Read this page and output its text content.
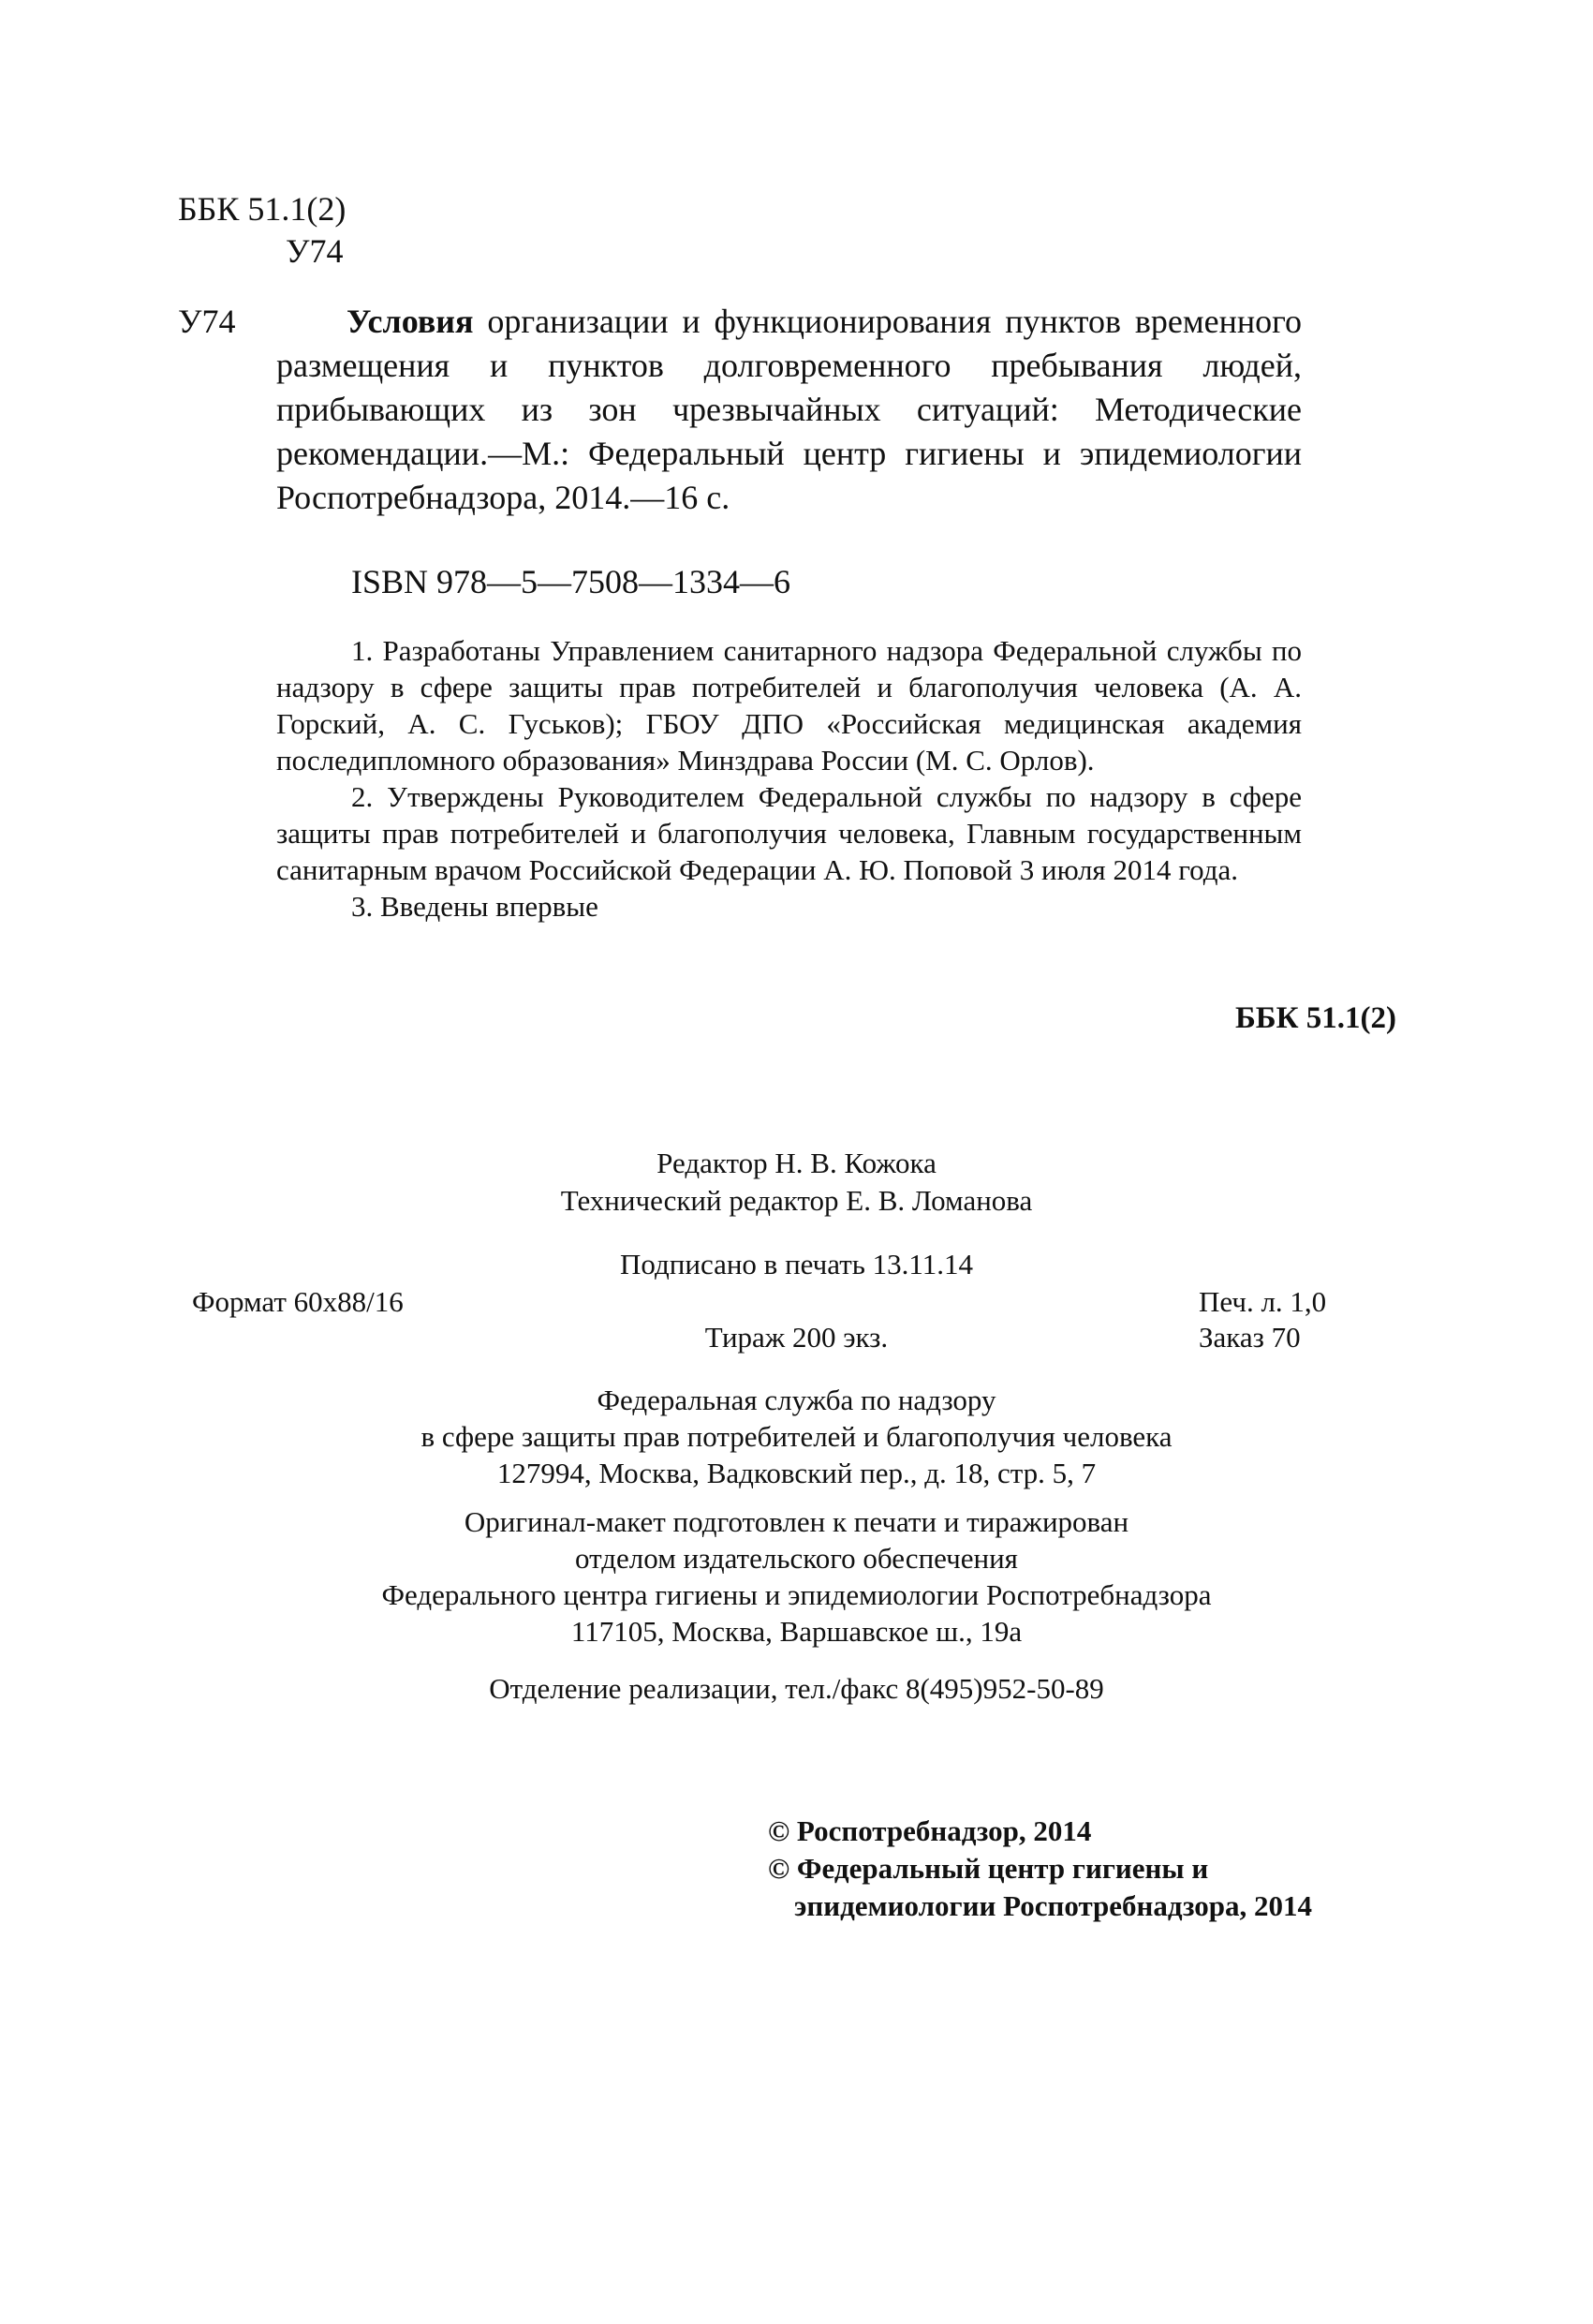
ББК 51.1(2)
У74
У74	Условия организации и функционирования пунктов временного размещения и пунктов долговременного пребывания людей, прибывающих из зон чрезвычайных ситуаций: Методические рекомендации.—М.: Федеральный центр гигиены и эпидемиологии Роспотребнадзора, 2014.—16 с.
ISBN 978—5—7508—1334—6

1. Разработаны Управлением санитарного надзора Федеральной службы по надзору в сфере защиты прав потребителей и благополучия человека (А. А. Горский, А. С. Гуськов); ГБОУ ДПО «Российская медицинская академия последипломного образования» Минздрава России (М. С. Орлов).

2. Утверждены Руководителем Федеральной службы по надзору в сфере защиты прав потребителей и благополучия человека, Главным государственным санитарным врачом Российской Федерации А. Ю. Поповой 3 июля 2014 года.

3. Введены впервые

ББК 51.1(2)
Редактор Н. В. Кожока
Технический редактор Е. В. Ломанова
Подписано в печать 13.11.14
Формат 60x88/16	Печ. л. 1,0
Тираж 200 экз.	Заказ 70
Федеральная служба по надзору
в сфере защиты прав потребителей и благополучия человека
127994, Москва, Вадковский пер., д. 18, стр. 5, 7
Оригинал-макет подготовлен к печати и тиражирован
отделом издательского обеспечения
Федерального центра гигиены и эпидемиологии Роспотребнадзора
117105, Москва, Варшавское ш., 19а
Отделение реализации, тел./факс 8(495)952-50-89
© Роспотребнадзор, 2014
© Федеральный центр гигиены и
эпидемиологии Роспотребнадзора, 2014
